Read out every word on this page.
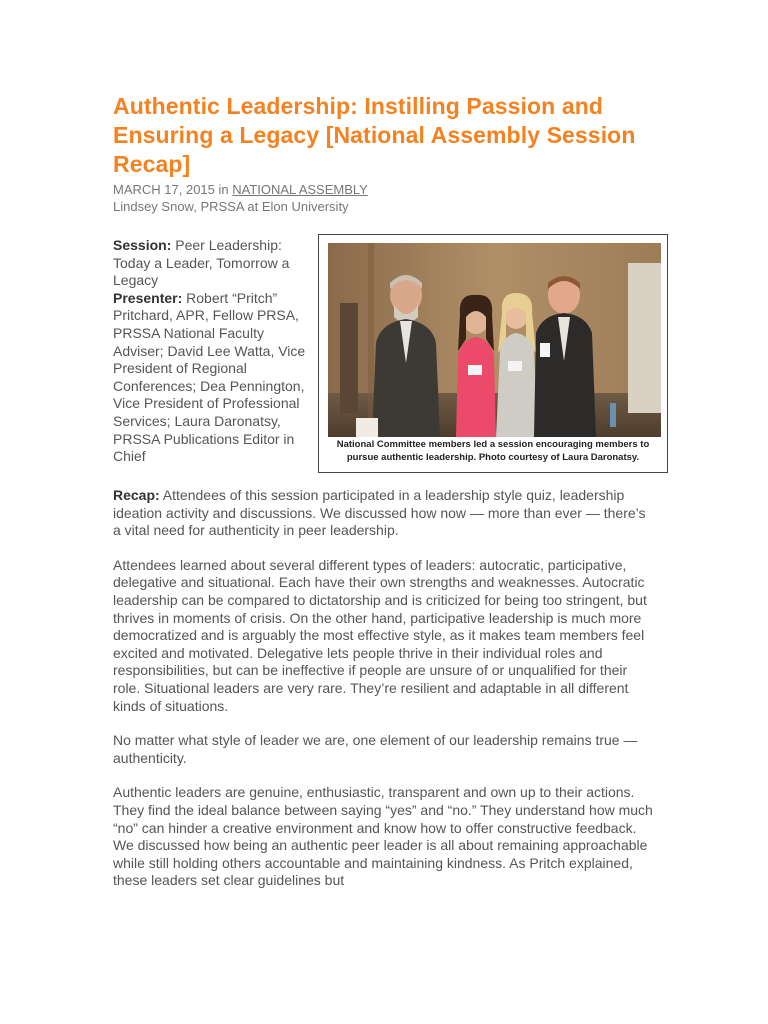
Authentic Leadership: Instilling Passion and Ensuring a Legacy [National Assembly Session Recap]
MARCH 17, 2015 in NATIONAL ASSEMBLY
Lindsey Snow, PRSSA at Elon University
Session: Peer Leadership: Today a Leader, Tomorrow a Legacy
Presenter: Robert “Pritch” Pritchard, APR, Fellow PRSA, PRSSA National Faculty Adviser; David Lee Watta, Vice President of Regional Conferences; Dea Pennington, Vice President of Professional Services; Laura Daronatsy, PRSSA Publications Editor in Chief
National Committee members led a session encouraging members to pursue authentic leadership. Photo courtesy of Laura Daronatsy.

Recap: Attendees of this session participated in a leadership style quiz, leadership ideation activity and discussions. We discussed how now — more than ever — there’s a vital need for authenticity in peer leadership.

Attendees learned about several different types of leaders: autocratic, participative, delegative and situational. Each have their own strengths and weaknesses. Autocratic leadership can be compared to dictatorship and is criticized for being too stringent, but thrives in moments of crisis. On the other hand, participative leadership is much more democratized and is arguably the most effective style, as it makes team members feel excited and motivated. Delegative lets people thrive in their individual roles and responsibilities, but can be ineffective if people are unsure of or unqualified for their role. Situational leaders are very rare. They’re resilient and adaptable in all different kinds of situations.

No matter what style of leader we are, one element of our leadership remains true — authenticity.

Authentic leaders are genuine, enthusiastic, transparent and own up to their actions. They find the ideal balance between saying “yes” and “no.” They understand how much “no” can hinder a creative environment and know how to offer constructive feedback. We discussed how being an authentic peer leader is all about remaining approachable while still holding others accountable and maintaining kindness. As Pritch explained, these leaders set clear guidelines but
